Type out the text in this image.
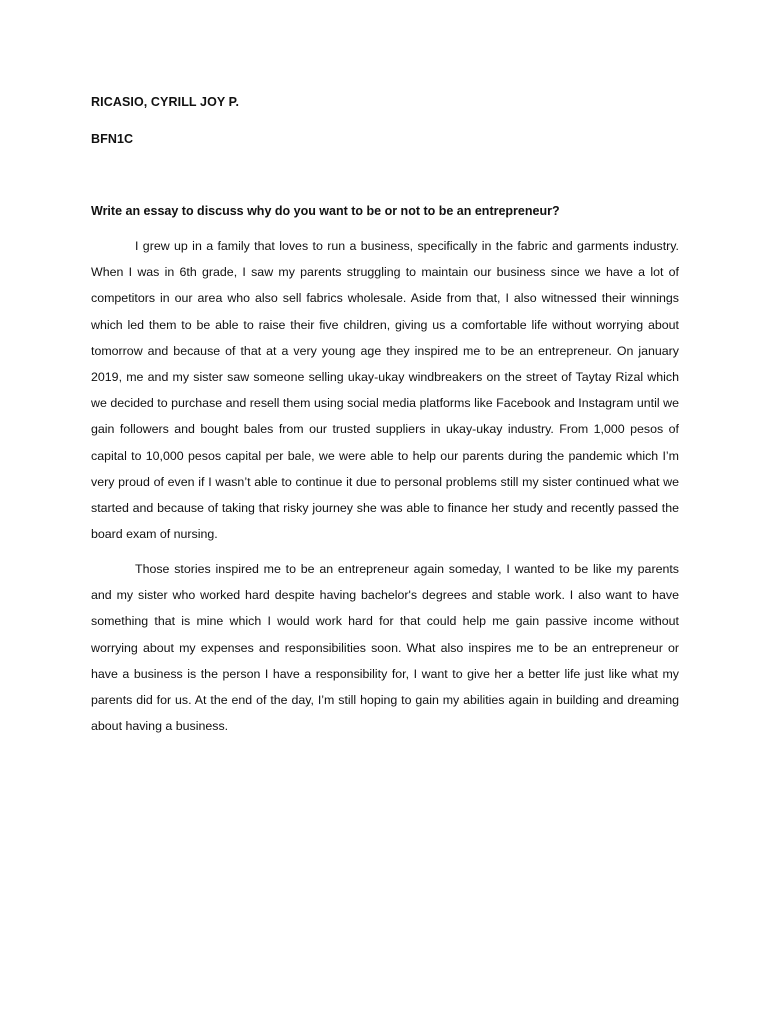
RICASIO, CYRILL JOY P.
BFN1C
Write an essay to discuss why do you want to be or not to be an entrepreneur?

I grew up in a family that loves to run a business, specifically in the fabric and garments industry. When I was in 6th grade, I saw my parents struggling to maintain our business since we have a lot of competitors in our area who also sell fabrics wholesale. Aside from that, I also witnessed their winnings which led them to be able to raise their five children, giving us a comfortable life without worrying about tomorrow and because of that at a very young age they inspired me to be an entrepreneur. On january 2019, me and my sister saw someone selling ukay-ukay windbreakers on the street of Taytay Rizal which we decided to purchase and resell them using social media platforms like Facebook and Instagram until we gain followers and bought bales from our trusted suppliers in ukay-ukay industry. From 1,000 pesos of capital to 10,000 pesos capital per bale, we were able to help our parents during the pandemic which I’m very proud of even if I wasn’t able to continue it due to personal problems still my sister continued what we started and because of taking that risky journey she was able to finance her study and recently passed the board exam of nursing.

Those stories inspired me to be an entrepreneur again someday, I wanted to be like my parents and my sister who worked hard despite having bachelor's degrees and stable work. I also want to have something that is mine which I would work hard for that could help me gain passive income without worrying about my expenses and responsibilities soon. What also inspires me to be an entrepreneur or have a business is the person I have a responsibility for, I want to give her a better life just like what my parents did for us. At the end of the day, I’m still hoping to gain my abilities again in building and dreaming about having a business.
